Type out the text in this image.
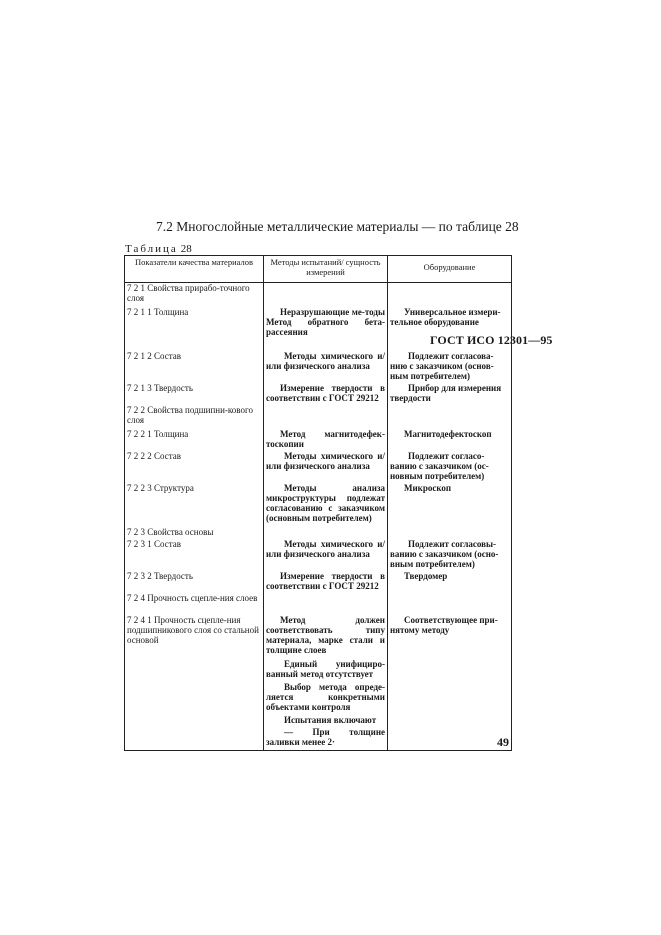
ГОСТ ИСО 12301—95
7.2 Многослойные металлические материалы — по таблице 28
Таблица 28
Показатели качества материалов	Методы испытаний/ сущность измерений	Оборудование
7 2 1 Свойства прирабо-точного слоя		
7 2 1 1 Толщина	Неразрушающие ме-тоды Метод обратного бета-рассеяния	Универсальное измери-тельное оборудование

7 2 1 2 Состав	Методы химического и/или физического анализа	Подлежит согласова-нию с заказчиком (основ-ным потребителем)

7 2 1 3 Твердость	Измерение твердости в соответствии с ГОСТ 29212	Прибор для измерения твердости

7 2 2 Свойства подшипни-кового слоя		
7 2 2 1 Толщина	Метод магнитодефек-тоскопии	Магнитодефектоскоп

7 2 2 2 Состав	Методы химического и/или физического анализа	Подлежит согласо-ванию с заказчиком (ос-новным потребителем)

7 2 2 3 Структура	Методы анализа микроструктуры подлежат согласованию с заказчиком (основным потребителем)	Микроскоп

7 2 3 Свойства основы		
7 2 3 1 Состав	Методы химического и/или физического анализа	Подлежит согласовы-ванию с заказчиком (осно-вным потребителем)

7 2 3 2 Твердость	Измерение твердости в соответствии с ГОСТ 29212	Твердомер

7 2 4 Прочность сцепле-ния слоев		
7 2 4 1 Прочность сцепле-ния подшипникового слоя со стальной основой	Метод должен соответствовать типу материала, марке стали и толщине слоев	Соответствующее при-нятому методу

	Единый унифициро-ванный метод отсутствует	

	Выбор метода опреде-ляется конкретными объектами контроля	

	Испытания включают	

	— При толщине заливки менее 2·	
		49
